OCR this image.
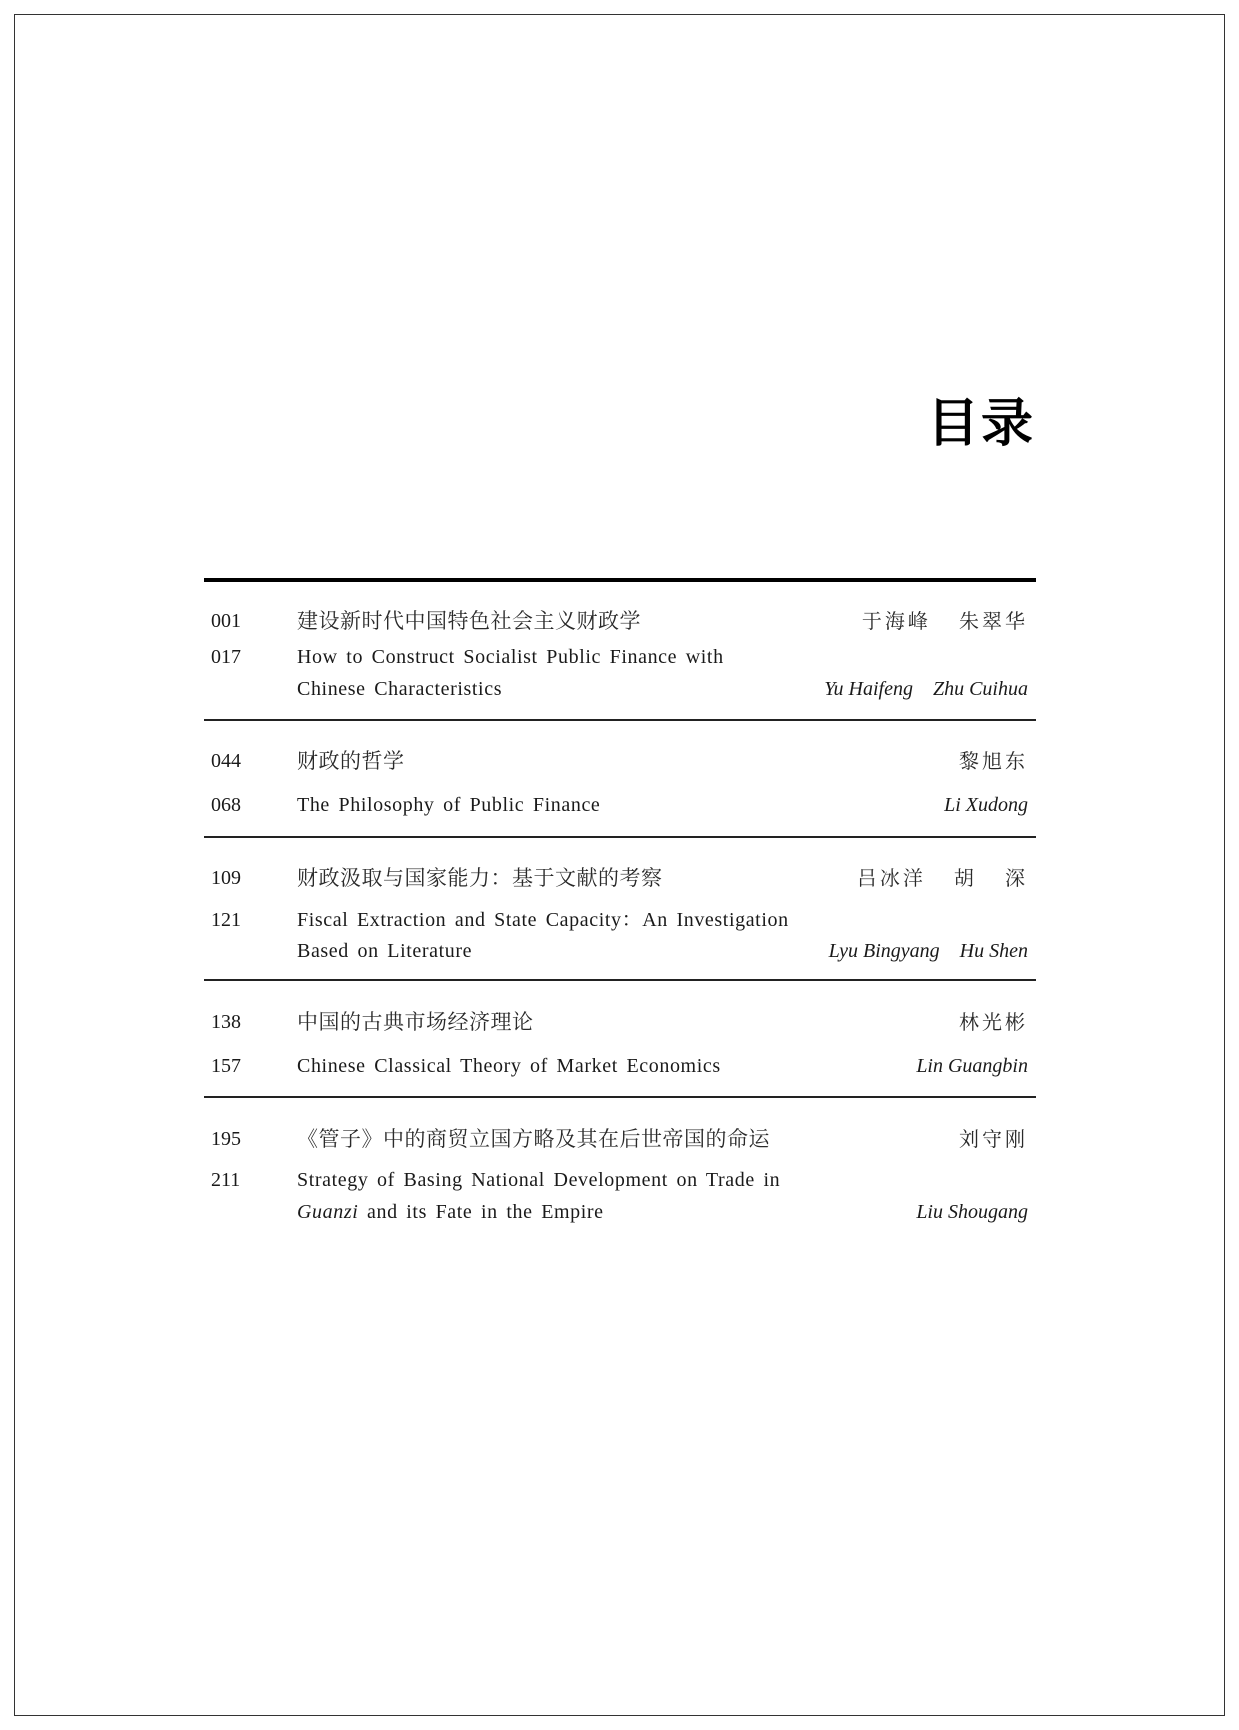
目录
001	建设新时代中国特色社会主义财政学	于海峰   朱翠华
017	How to Construct Socialist Public Finance with
Chinese Characteristics	Yu Haifeng    Zhu Cuihua
044	财政的哲学	黎旭东
068	The Philosophy of Public Finance	Li Xudong
109	财政汲取与国家能力：基于文献的考察	吕冰洋   胡   深
121	Fiscal Extraction and State Capacity：An Investigation
Based on Literature	Lyu Bingyang    Hu Shen
138	中国的古典市场经济理论	林光彬
157	Chinese Classical Theory of Market Economics	Lin Guangbin
195	《管子》中的商贸立国方略及其在后世帝国的命运	刘守刚
211	Strategy of Basing National Development on Trade in
Guanzi and its Fate in the Empire	Liu Shougang
